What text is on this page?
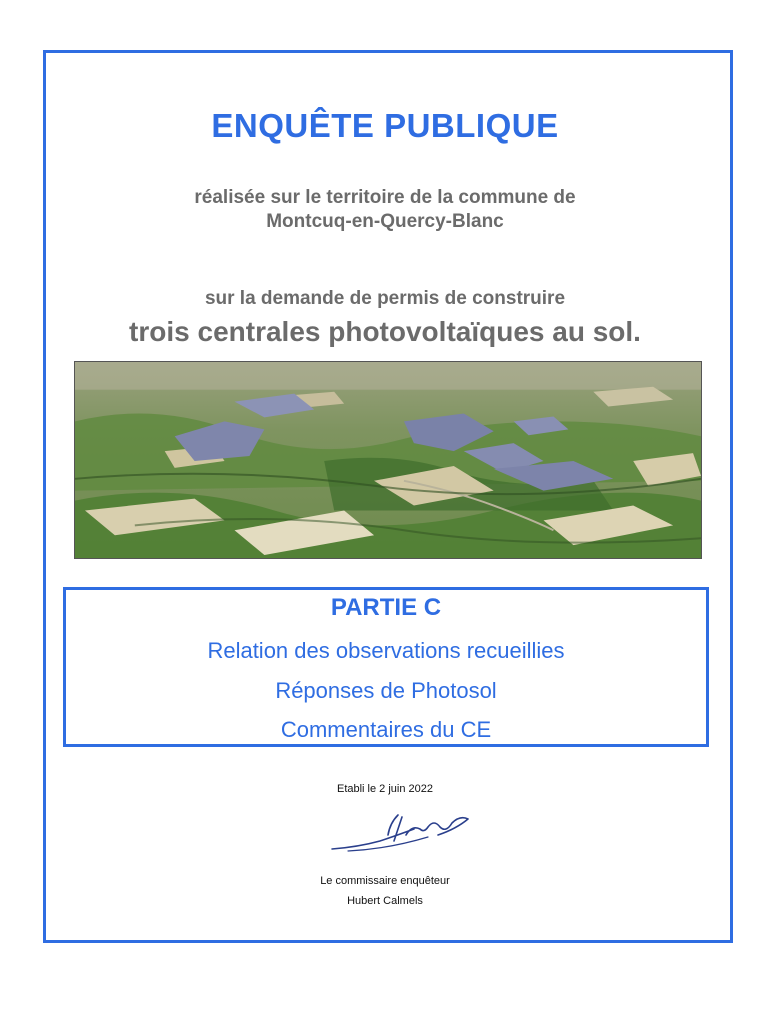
ENQUÊTE PUBLIQUE
réalisée sur le territoire de la commune de
Montcuq-en-Quercy-Blanc
sur la demande de permis de construire
trois centrales photovoltaïques au sol.
PARTIE C
Relation des observations recueillies
Réponses de Photosol
Commentaires du CE
Etabli le 2 juin 2022
Le commissaire enquêteur
Hubert Calmels
